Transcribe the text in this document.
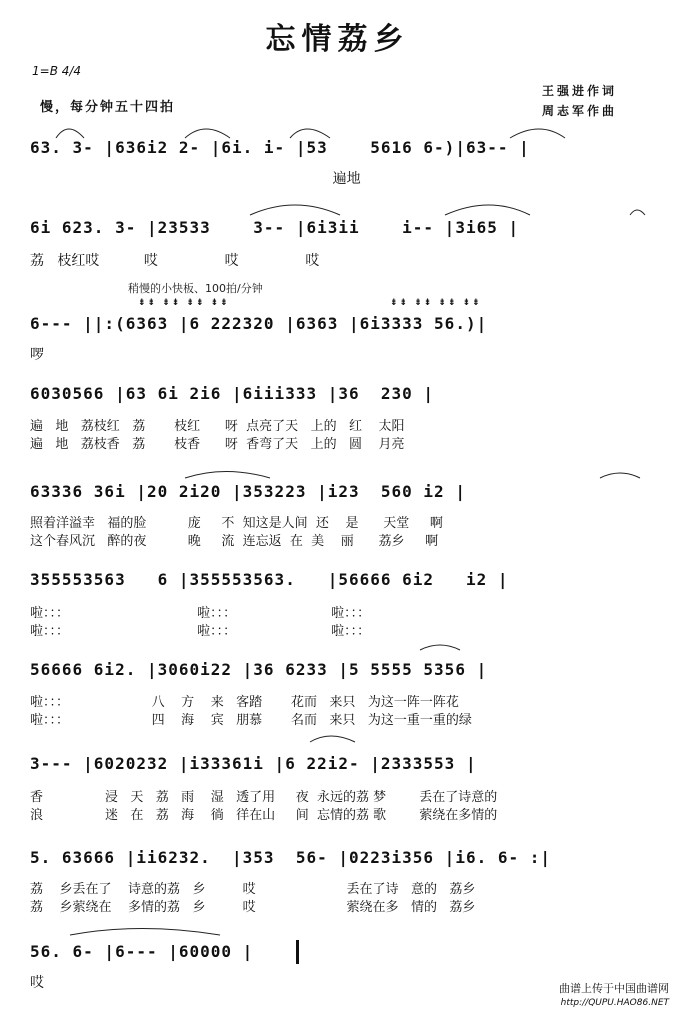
忘情荔乡
1=B 4/4
慢，每分钟五十四拍
王强进作词
周志军作曲
63. 3- |636i2 2- |6i. i- |53    5616 6-)|63-- |
遍地
6i 623. 3- |23533    3-- |6i3ii    i-- |3i65 |
荔   枝红哎          哎               哎               哎
稍慢的小快板、100拍/分钟
⇟⇟ ⇟⇟ ⇟⇟ ⇟⇟	⇟⇟ ⇟⇟ ⇟⇟ ⇟⇟
6--- ||:(6363 |6 222320 |6363 |6i3333 56.)|
啰
6030566 |63 6i 2i6 |6iii333 |36  230 |
遍   地   荔枝红   荔       枝红      呀  点亮了天   上的   红    太阳
遍   地   荔枝香   荔       枝香      呀  香弯了天   上的   圆    月亮
63336 36i |20 2i20 |353223 |i23  560 i2 |
照着洋溢幸   福的脸          庞     不  知这是人间  还    是      天堂     啊
这个春风沉   醉的夜          晚     流  连忘返  在  美    丽      荔乡     啊
355553563   6 |355553563.   |56666 6i2   i2 |
啦：：：                               啦：：：                       啦：：：
啦：：：                               啦：：：                       啦：：：
56666 6i2. |3060i22 |36 6233 |5 5555 5356 |
啦：：：                    八    方    来   客踏       花而   来只   为这一阵一阵花
啦：：：                    四    海    宾   朋慕       名而   来只   为这一重一重的绿
3--- |6020232 |i33361i |6 22i2- |2333553 |
香               浸   天   荔   雨    湿   透了用     夜  永远的荔 梦        丢在了诗意的
浪               迷   在   荔   海    徜   徉在山     间  忘情的荔 歌        萦绕在多情的
5. 63666 |ii6232.  |353  56- |0223i356 |i6. 6- :|
荔    乡丢在了    诗意的荔   乡         哎                      丢在了诗   意的   荔乡
荔    乡萦绕在    多情的荔   乡         哎                      萦绕在多   情的   荔乡
56. 6- |6--- |60000 |
哎	曲谱上传于中国曲谱网
http://QUPU.HAO86.NET
